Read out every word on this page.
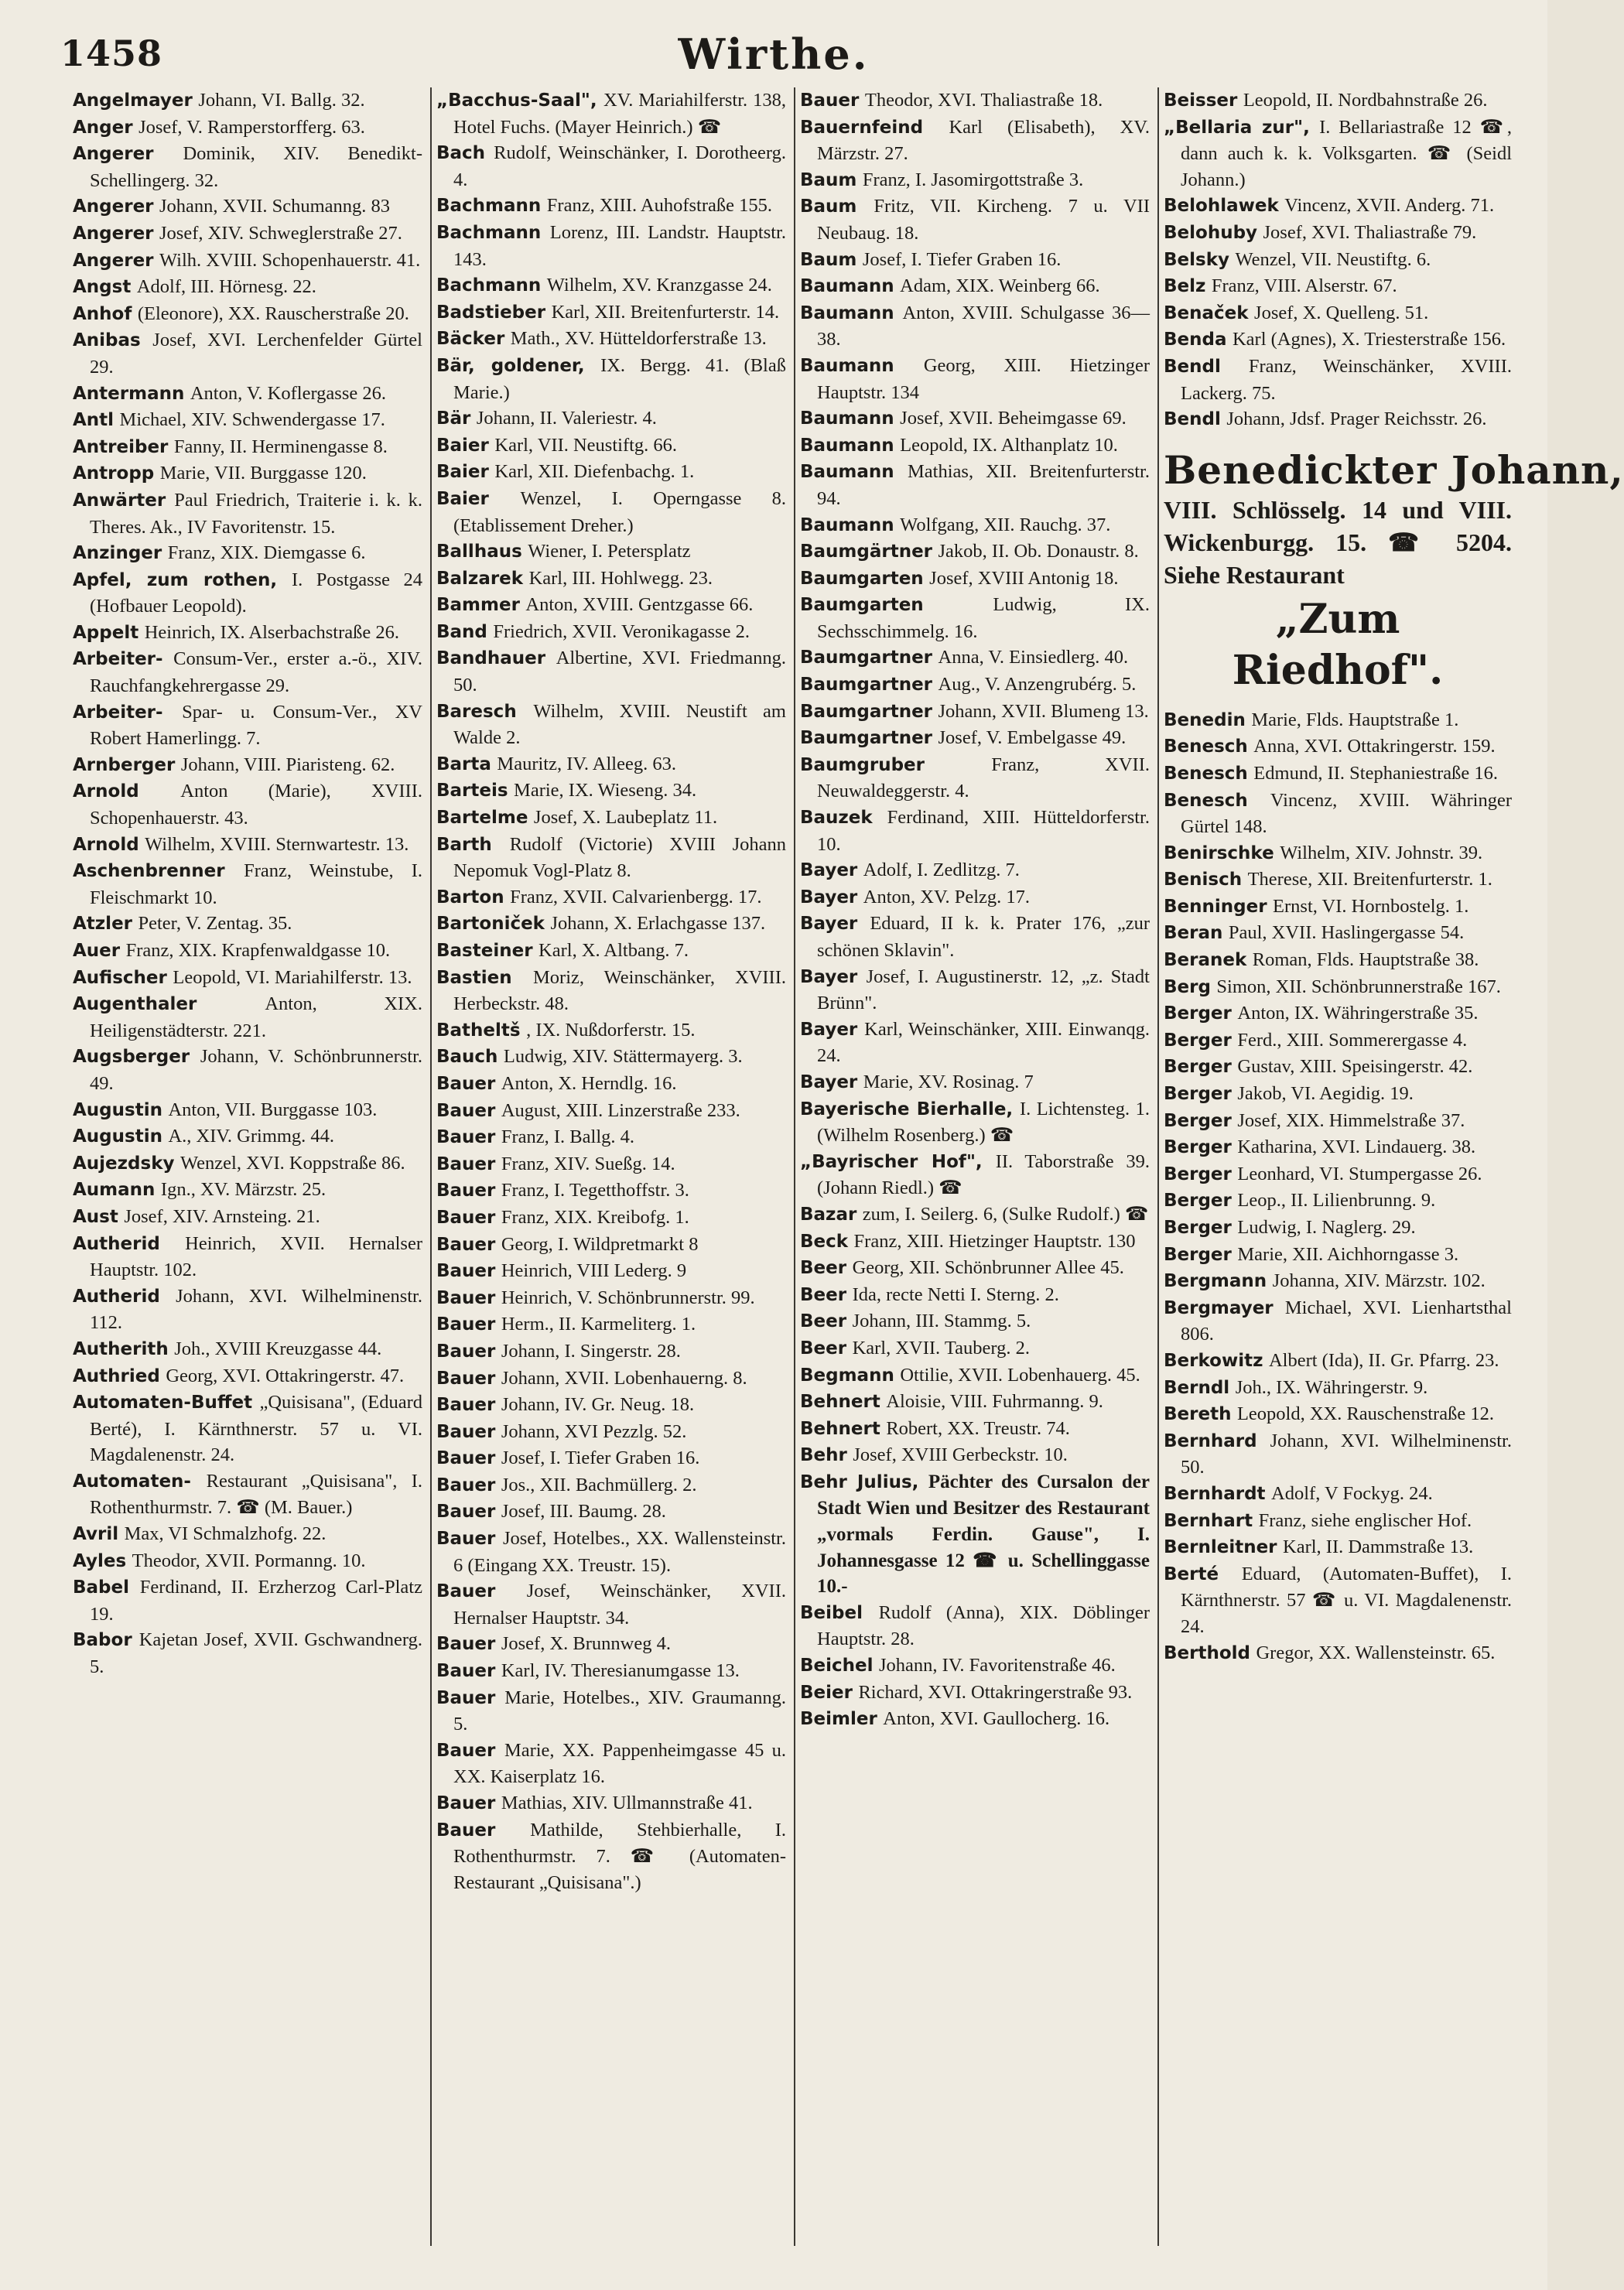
1458	Wirthe.
Angelmayer Johann, VI. Ballg. 32.
Anger Josef, V. Ramperstorfferg. 63.
Angerer Dominik, XIV. Benedikt-Schellingerg. 32.
Angerer Johann, XVII. Schumanng. 83
Angerer Josef, XIV. Schweglerstraße 27.
Angerer Wilh. XVIII. Schopenhauerstr. 41.
Angst Adolf, III. Hörnesg. 22.
Anhof (Eleonore), XX. Rauscherstraße 20.
Anibas Josef, XVI. Lerchenfelder Gürtel 29.
Antermann Anton, V. Koflergasse 26.
Antl Michael, XIV. Schwendergasse 17.
Antreiber Fanny, II. Herminengasse 8.
Antropp Marie, VII. Burggasse 120.
Anwärter Paul Friedrich, Traiterie i. k. k. Theres. Ak., IV Favoritenstr. 15.
Anzinger Franz, XIX. Diemgasse 6.
Apfel, zum rothen, I. Postgasse 24 (Hofbauer Leopold).
Appelt Heinrich, IX. Alserbachstraße 26.
Arbeiter- Consum-Ver., erster a.-ö., XIV. Rauchfangkehrergasse 29.
Arbeiter- Spar- u. Consum-Ver., XV Robert Hamerlingg. 7.
Arnberger Johann, VIII. Piaristeng. 62.
Arnold Anton (Marie), XVIII. Schopenhauerstr. 43.
Arnold Wilhelm, XVIII. Sternwartestr. 13.
Aschenbrenner Franz, Weinstube, I. Fleischmarkt 10.
Atzler Peter, V. Zentag. 35.
Auer Franz, XIX. Krapfenwaldgasse 10.
Aufischer Leopold, VI. Mariahilferstr. 13.
Augenthaler	Anton, XIX. Heiligenstädterstr. 221.
Augsberger Johann, V. Schönbrunnerstr. 49.
Augustin Anton, VII. Burggasse 103.
Augustin A., XIV. Grimmg. 44.
Aujezdsky Wenzel, XVI. Koppstraße 86.
Aumann Ign., XV. Märzstr. 25.
Aust Josef, XIV. Arnsteing. 21.
Autherid Heinrich, XVII. Hernalser Hauptstr. 102.
Autherid Johann, XVI. Wilhelminenstr. 112.
Autherith Joh., XVIII Kreuzgasse 44.
Authried Georg, XVI. Ottakringerstr. 47.
Automaten-Buffet „Quisisana", (Eduard Berté), I. Kärnthnerstr. 57 u. VI. Magdalenenstr. 24.
Automaten- Restaurant „Quisisana", I. Rothenthurmstr. 7. ☎ (M. Bauer.)
Avril Max, VI Schmalzhofg. 22.
Ayles Theodor, XVII. Pormanng. 10.
Babel Ferdinand, II. Erzherzog Carl-Platz 19.
Babor Kajetan Josef, XVII. Gschwandnerg. 5.
„Bacchus-Saal", XV. Mariahilferstr. 138, Hotel Fuchs. (Mayer Heinrich.) ☎
Bach Rudolf, Weinschänker, I. Dorotheerg. 4.
Bachmann Franz, XIII. Auhofstraße 155.
Bachmann Lorenz, III. Landstr. Hauptstr. 143.
Bachmann Wilhelm, XV. Kranzgasse 24.
Badstieber Karl, XII. Breitenfurterstr. 14.
Bäcker Math., XV. Hütteldorferstraße 13.
Bär, goldener, IX. Bergg. 41. (Blaß Marie.)
Bär Johann, II. Valeriestr. 4.
Baier Karl, VII. Neustiftg. 66.
Baier Karl, XII. Diefenbachg. 1.
Baier Wenzel, I. Operngasse 8. (Etablissement Dreher.)
Ballhaus Wiener, I. Petersplatz
Balzarek Karl, III. Hohlwegg. 23.
Bammer Anton, XVIII. Gentzgasse 66.
Band Friedrich, XVII. Veronikagasse 2.
Bandhauer Albertine, XVI. Friedmanng. 50.
Baresch Wilhelm, XVIII. Neustift am Walde 2.
Barta Mauritz, IV. Alleeg. 63.
Barteis Marie, IX. Wieseng. 34.
Bartelme Josef, X. Laubeplatz 11.
Barth Rudolf (Victorie) XVIII Johann Nepomuk Vogl-Platz 8.
Barton Franz, XVII. Calvarienbergg. 17.
Bartoniček Johann, X. Erlachgasse 137.
Basteiner Karl, X. Altbang. 7.
Bastien Moriz, Weinschänker, XVIII. Herbeckstr. 48.
Batheltš , IX. Nußdorferstr. 15.
Bauch Ludwig, XIV. Stättermayerg. 3.
Bauer Anton, X. Herndlg. 16.
Bauer August, XIII. Linzerstraße 233.
Bauer Franz, I. Ballg. 4.
Bauer Franz, XIV. Sueßg. 14.
Bauer Franz, I. Tegetthoffstr. 3.
Bauer Franz, XIX. Kreibofg. 1.
Bauer Georg, I. Wildpretmarkt 8
Bauer Heinrich, VIII Lederg. 9
Bauer Heinrich, V. Schönbrunnerstr. 99.
Bauer Herm., II. Karmeliterg. 1.
Bauer Johann, I. Singerstr. 28.
Bauer Johann, XVII. Lobenhauerng. 8.
Bauer Johann, IV. Gr. Neug. 18.
Bauer Johann, XVI Pezzlg. 52.
Bauer Josef, I. Tiefer Graben 16.
Bauer Jos., XII. Bachmüllerg. 2.
Bauer Josef, III. Baumg. 28.
Bauer Josef, Hotelbes., XX. Wallensteinstr. 6 (Eingang XX. Treustr. 15).
Bauer Josef, Weinschänker, XVII. Hernalser Hauptstr. 34.
Bauer Josef, X. Brunnweg 4.
Bauer Karl, IV. Theresianumgasse 13.
Bauer Marie, Hotelbes., XIV. Graumanng. 5.
Bauer Marie, XX. Pappenheimgasse 45 u. XX. Kaiserplatz 16.
Bauer Mathias, XIV. Ullmannstraße 41.
Bauer Mathilde, Stehbierhalle, I. Rothenthurmstr. 7. ☎ (Automaten-Restaurant „Quisisana".)
Bauer Theodor, XVI. Thaliastraße 18.
Bauernfeind Karl (Elisabeth), XV. Märzstr. 27.
Baum Franz, I. Jasomirgottstraße 3.
Baum Fritz, VII. Kircheng. 7 u. VII Neubaug. 18.
Baum Josef, I. Tiefer Graben 16.
Baumann Adam, XIX. Weinberg 66.
Baumann Anton, XVIII. Schulgasse 36—38.
Baumann Georg, XIII. Hietzinger Hauptstr. 134
Baumann Josef, XVII. Beheimgasse 69.
Baumann Leopold, IX. Althanplatz 10.
Baumann Mathias, XII. Breitenfurterstr. 94.
Baumann Wolfgang, XII. Rauchg. 37.
Baumgärtner Jakob, II. Ob. Donaustr. 8.
Baumgarten Josef, XVIII Antonig 18.
Baumgarten	Ludwig, IX. Sechsschimmelg. 16.
Baumgartner Anna, V. Einsiedlerg. 40.
Baumgartner Aug., V. Anzengrubérg. 5.
Baumgartner Johann, XVII. Blumeng 13.
Baumgartner Josef, V. Embelgasse 49.
Baumgruber	Franz, XVII. Neuwaldeggerstr. 4.
Bauzek Ferdinand, XIII. Hütteldorferstr. 10.
Bayer Adolf, I. Zedlitzg. 7.
Bayer Anton, XV. Pelzg. 17.
Bayer Eduard, II k. k. Prater 176, „zur schönen Sklavin".
Bayer Josef, I. Augustinerstr. 12, „z. Stadt Brünn".
Bayer Karl, Weinschänker, XIII. Einwanqg. 24.
Bayer Marie, XV. Rosinag. 7
Bayerische Bierhalle, I. Lichtensteg. 1. (Wilhelm Rosenberg.) ☎
„Bayrischer Hof", II. Taborstraße 39. (Johann Riedl.) ☎
Bazar zum, I. Seilerg. 6, (Sulke Rudolf.) ☎
Beck Franz, XIII. Hietzinger Hauptstr. 130
Beer Georg, XII. Schönbrunner Allee 45.
Beer Ida, recte Netti I. Sterng. 2.
Beer Johann, III. Stammg. 5.
Beer Karl, XVII. Tauberg. 2.
Begmann Ottilie, XVII. Lobenhauerg. 45.
Behnert Aloisie, VIII. Fuhrmanng. 9.
Behnert Robert, XX. Treustr. 74.
Behr Josef, XVIII Gerbeckstr. 10.
Behr Julius, Pächter des Cursalon der Stadt Wien und Besitzer des Restaurant „vormals Ferdin. Gause", I. Johannesgasse 12 ☎ u. Schellinggasse 10.-
Beibel Rudolf (Anna), XIX. Döblinger Hauptstr. 28.
Beichel Johann, IV. Favoritenstraße 46.
Beier Richard, XVI. Ottakringerstraße 93.
Beimler Anton, XVI. Gaullocherg. 16.
Beisser Leopold, II. Nordbahnstraße 26.
„Bellaria zur", I. Bellariastraße 12 ☎, dann auch k. k. Volksgarten. ☎ (Seidl Johann.)
Belohlawek Vincenz, XVII. Anderg. 71.
Belohuby Josef, XVI. Thaliastraße 79.
Belsky Wenzel, VII. Neustiftg. 6.
Belz Franz, VIII. Alserstr. 67.
Benaček Josef, X. Quelleng. 51.
Benda Karl (Agnes), X. Triesterstraße 156.
Bendl Franz, Weinschänker, XVIII. Lackerg. 75.
Bendl Johann, Jdsf. Prager Reichsstr. 26.
Benedickter Johann,
VIII. Schlösselg. 14 und VIII. Wickenburgg. 15. ☎ 5204. Siehe Restaurant
„Zum Riedhof".
Benedin Marie, Flds. Hauptstraße 1.
Benesch Anna, XVI. Ottakringerstr. 159.
Benesch Edmund, II. Stephaniestraße 16.
Benesch Vincenz, XVIII. Währinger Gürtel 148.
Benirschke Wilhelm, XIV. Johnstr. 39.
Benisch Therese, XII. Breitenfurterstr. 1.
Benninger Ernst, VI. Hornbostelg. 1.
Beran Paul, XVII. Haslingergasse 54.
Beranek Roman, Flds. Hauptstraße 38.
Berg Simon, XII. Schönbrunnerstraße 167.
Berger Anton, IX. Währingerstraße 35.
Berger Ferd., XIII. Sommerergasse 4.
Berger Gustav, XIII. Speisingerstr. 42.
Berger Jakob, VI. Aegidig. 19.
Berger Josef, XIX. Himmelstraße 37.
Berger Katharina, XVI. Lindauerg. 38.
Berger Leonhard, VI. Stumpergasse 26.
Berger Leop., II. Lilienbrunng. 9.
Berger Ludwig, I. Naglerg. 29.
Berger Marie, XII. Aichhorngasse 3.
Bergmann Johanna, XIV. Märzstr. 102.
Bergmayer Michael, XVI. Lienhartsthal 806.
Berkowitz Albert (Ida), II. Gr. Pfarrg. 23.
Berndl Joh., IX. Währingerstr. 9.
Bereth Leopold, XX. Rauschenstraße 12.
Bernhard Johann, XVI. Wilhelminenstr. 50.
Bernhardt Adolf, V Fockyg. 24.
Bernhart Franz, siehe englischer Hof.
Bernleitner Karl, II. Dammstraße 13.
Berté Eduard, (Automaten-Buffet), I. Kärnthnerstr. 57 ☎ u. VI. Magdalenenstr. 24.
Berthold Gregor, XX. Wallensteinstr. 65.
